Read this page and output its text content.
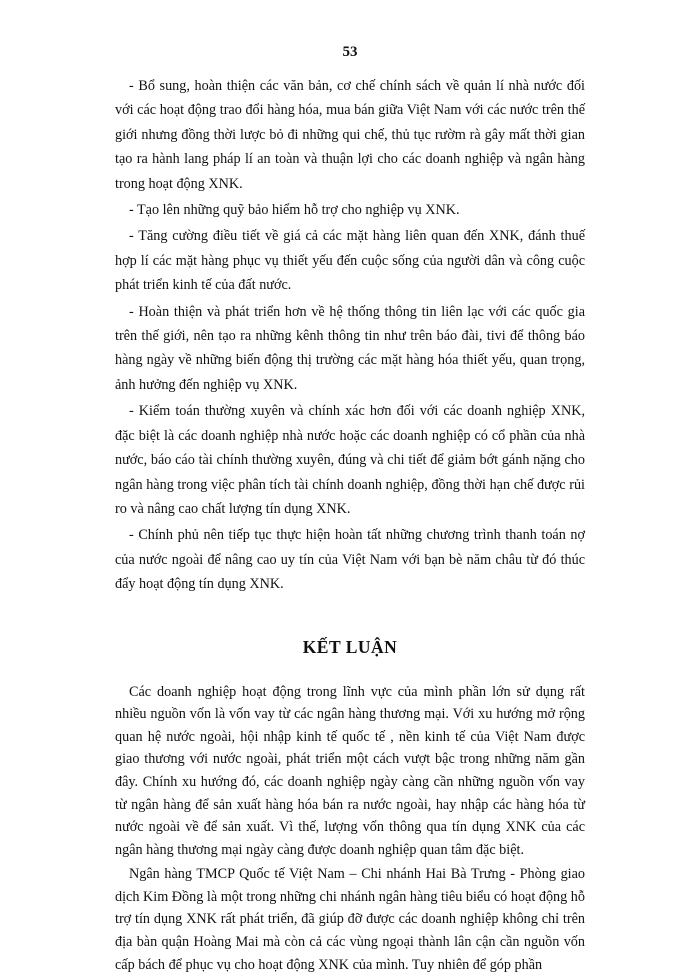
53

- Bổ sung, hoàn thiện các văn bản, cơ chế chính sách về quản lí nhà nước đối với các hoạt động trao đổi hàng hóa, mua bán giữa Việt Nam với các nước trên thế giới nhưng đồng thời lược bỏ đi những qui chế, thủ tục rườm rà gây mất thời gian tạo ra hành lang pháp lí an toàn và thuận lợi cho các doanh nghiệp và ngân hàng trong hoạt động XNK.

- Tạo lên những quỹ bảo hiểm hỗ trợ cho nghiệp vụ XNK.

- Tăng cường điều tiết về giá cả các mặt hàng liên quan đến XNK, đánh thuế hợp lí các mặt hàng phục vụ thiết yếu đến cuộc sống của người dân và công cuộc phát triển kinh tế của đất nước.

- Hoàn thiện và phát triển hơn về hệ thống thông tin liên lạc với các quốc gia trên thế giới, nên tạo ra những kênh thông tin như trên báo đài, tivi để thông báo hàng ngày về những biến động thị trường các mặt hàng hóa thiết yếu, quan trọng, ảnh hưởng đến nghiệp vụ XNK.

- Kiểm toán thường xuyên và chính xác hơn đối với các doanh nghiệp XNK, đặc biệt là các doanh nghiệp nhà nước hoặc các doanh nghiệp có cổ phần của nhà nước, báo cáo tài chính thường xuyên, đúng và chi tiết để giảm bớt gánh nặng cho ngân hàng trong việc phân tích tài chính doanh nghiệp, đồng thời hạn chế được rủi ro và nâng cao chất lượng tín dụng XNK.

- Chính phủ nên tiếp tục thực hiện hoàn tất những chương trình thanh toán nợ của nước ngoài để nâng cao uy tín của Việt Nam với bạn bè năm châu từ đó thúc đẩy hoạt động tín dụng XNK.

KẾT LUẬN

Các doanh nghiệp hoạt động trong lĩnh vực của mình phần lớn sử dụng rất nhiều nguồn vốn là vốn vay từ các ngân hàng thương mại. Với xu hướng mở rộng quan hệ nước ngoài, hội nhập kinh tế quốc tế , nền kinh tế của Việt Nam được giao thương với nước ngoài, phát triển một cách vượt bậc trong những năm gần đây. Chính xu hướng đó, các doanh nghiệp ngày càng cần những nguồn vốn vay từ ngân hàng để sản xuất hàng hóa bán ra nước ngoài, hay nhập các hàng hóa từ nước ngoài về để sản xuất. Vì thế, lượng vốn thông qua tín dụng XNK của các ngân hàng thương mại ngày càng được doanh nghiệp quan tâm đặc biệt.

Ngân hàng TMCP Quốc tế Việt Nam – Chi nhánh Hai Bà Trưng - Phòng giao dịch Kim Đồng là một trong những chi nhánh ngân hàng tiêu biểu có hoạt động hỗ trợ tín dụng XNK rất phát triển, đã giúp đỡ được các doanh nghiệp không chỉ trên địa bàn quận Hoàng Mai mà còn cả các vùng ngoại thành lân cận cần nguồn vốn cấp bách để phục vụ cho hoạt động XNK của mình. Tuy nhiên để góp phần
